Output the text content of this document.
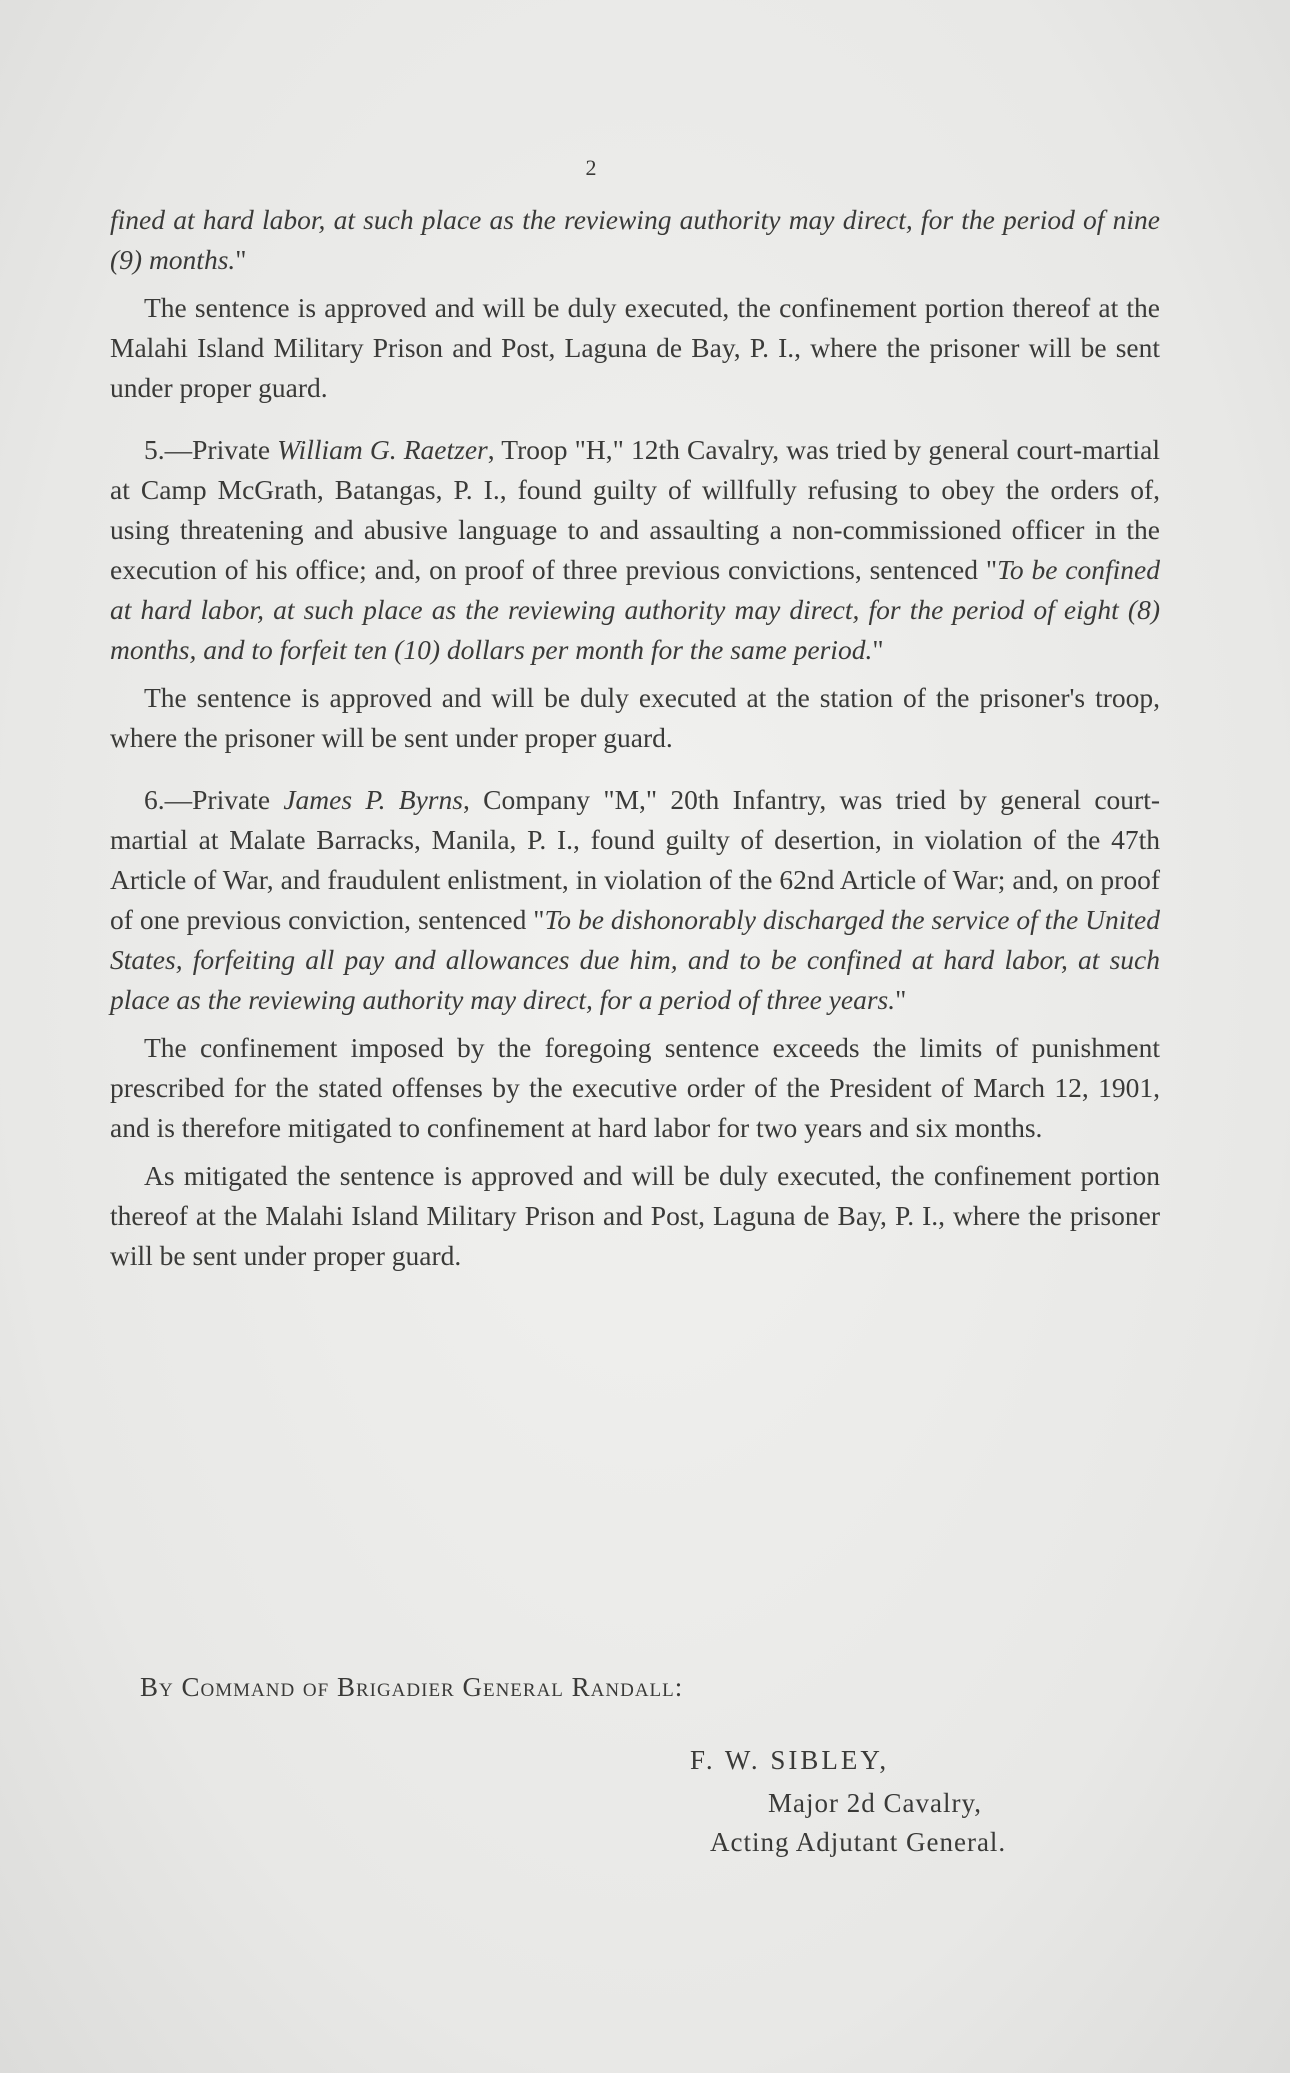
2

fined at hard labor, at such place as the reviewing authority may direct, for the period of nine (9) months."

The sentence is approved and will be duly executed, the confinement portion thereof at the Malahi Island Military Prison and Post, Laguna de Bay, P. I., where the prisoner will be sent under proper guard.

5.—Private William G. Raetzer, Troop "H," 12th Cavalry, was tried by general court-martial at Camp McGrath, Batangas, P. I., found guilty of willfully refusing to obey the orders of, using threatening and abusive language to and assaulting a non-commissioned officer in the execution of his office; and, on proof of three previous convictions, sentenced "To be confined at hard labor, at such place as the reviewing authority may direct, for the period of eight (8) months, and to forfeit ten (10) dollars per month for the same period."

The sentence is approved and will be duly executed at the station of the prisoner's troop, where the prisoner will be sent under proper guard.

6.—Private James P. Byrns, Company "M," 20th Infantry, was tried by general court-martial at Malate Barracks, Manila, P. I., found guilty of desertion, in violation of the 47th Article of War, and fraudulent enlistment, in violation of the 62nd Article of War; and, on proof of one previous conviction, sentenced "To be dishonorably discharged the service of the United States, forfeiting all pay and allowances due him, and to be confined at hard labor, at such place as the reviewing authority may direct, for a period of three years."

The confinement imposed by the foregoing sentence exceeds the limits of punishment prescribed for the stated offenses by the executive order of the President of March 12, 1901, and is therefore mitigated to confinement at hard labor for two years and six months.

As mitigated the sentence is approved and will be duly executed, the confinement portion thereof at the Malahi Island Military Prison and Post, Laguna de Bay, P. I., where the prisoner will be sent under proper guard.

By Command of Brigadier General Randall:
F. W. SIBLEY,
Major 2d Cavalry,
Acting Adjutant General.
